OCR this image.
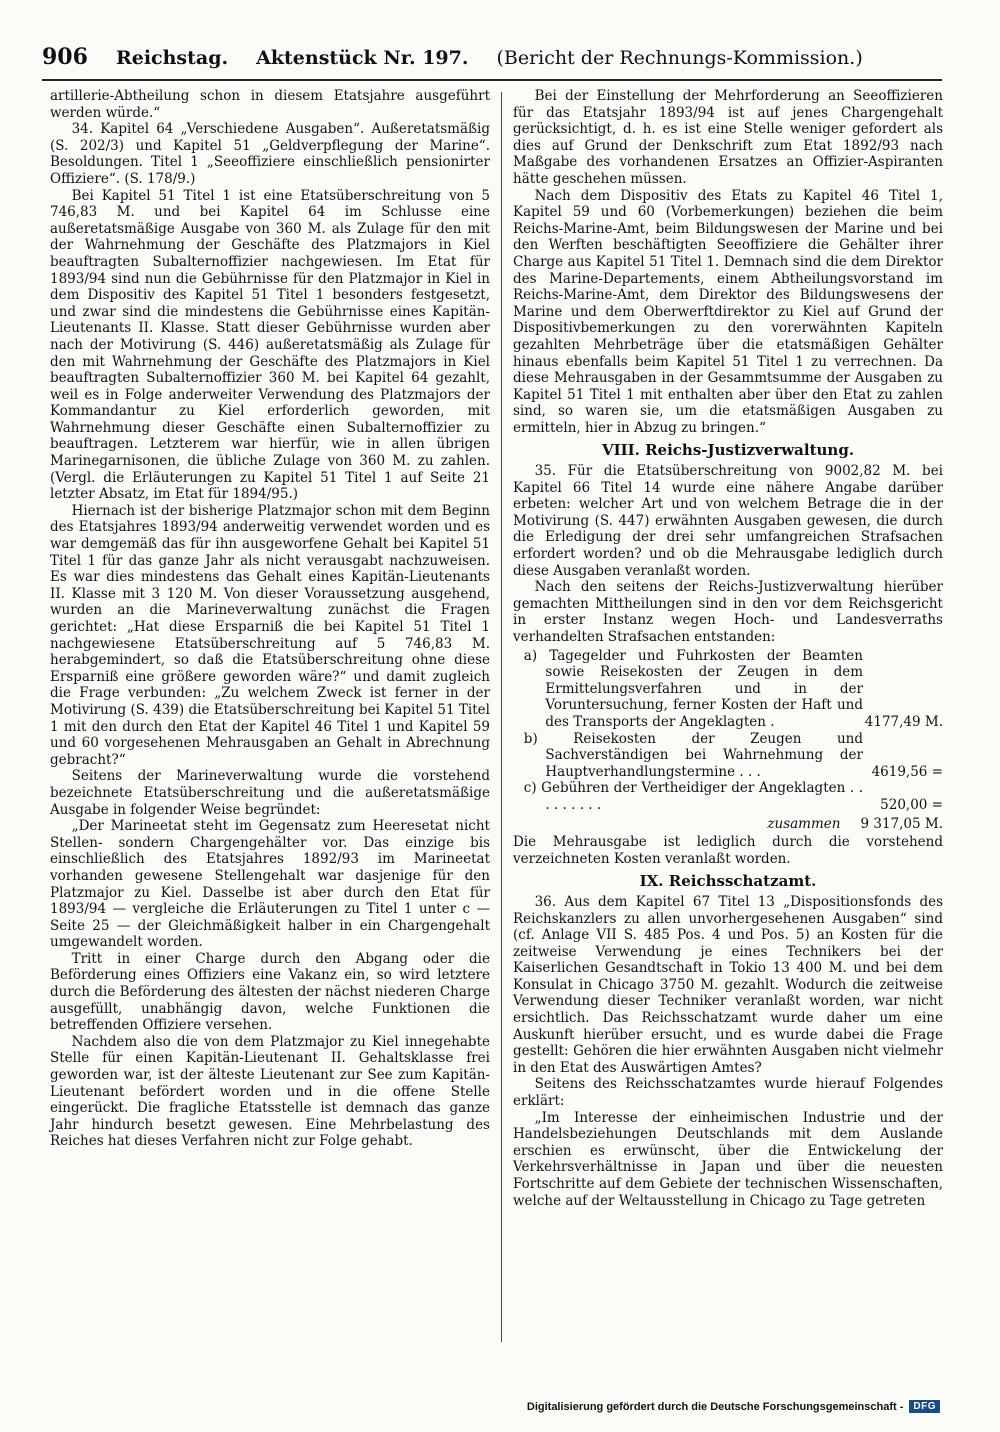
906 Reichstag. Aktenstück Nr. 197. (Bericht der Rechnungs-Kommission.)

artillerie-Abtheilung schon in diesem Etatsjahre ausgeführt werden würde.“

34. Kapitel 64 „Verschiedene Ausgaben“. Außeretatsmäßig (S. 202/3) und Kapitel 51 „Geldverpflegung der Marine“. Besoldungen. Titel 1 „Seeoffiziere einschließlich pensionirter Offiziere“. (S. 178/9.)

Bei Kapitel 51 Titel 1 ist eine Etatsüberschreitung von 5 746,83 M. und bei Kapitel 64 im Schlusse eine außeretatsmäßige Ausgabe von 360 M. als Zulage für den mit der Wahrnehmung der Geschäfte des Platzmajors in Kiel beauftragten Subalternoffizier nachgewiesen. Im Etat für 1893/94 sind nun die Gebührnisse für den Platzmajor in Kiel in dem Dispositiv des Kapitel 51 Titel 1 besonders festgesetzt, und zwar sind die mindestens die Gebührnisse eines Kapitän-Lieutenants II. Klasse. Statt dieser Gebührnisse wurden aber nach der Motivirung (S. 446) außeretatsmäßig als Zulage für den mit Wahrnehmung der Geschäfte des Platzmajors in Kiel beauftragten Subalternoffizier 360 M. bei Kapitel 64 gezahlt, weil es in Folge anderweiter Verwendung des Platzmajors der Kommandantur zu Kiel erforderlich geworden, mit Wahrnehmung dieser Geschäfte einen Subalternoffizier zu beauftragen. Letzterem war hierfür, wie in allen übrigen Marinegarnisonen, die übliche Zulage von 360 M. zu zahlen. (Vergl. die Erläuterungen zu Kapitel 51 Titel 1 auf Seite 21 letzter Absatz, im Etat für 1894/95.)

Hiernach ist der bisherige Platzmajor schon mit dem Beginn des Etatsjahres 1893/94 anderweitig verwendet worden und es war demgemäß das für ihn ausgeworfene Gehalt bei Kapitel 51 Titel 1 für das ganze Jahr als nicht verausgabt nachzuweisen. Es war dies mindestens das Gehalt eines Kapitän-Lieutenants II. Klasse mit 3 120 M. Von dieser Voraussetzung ausgehend, wurden an die Marineverwaltung zunächst die Fragen gerichtet: „Hat diese Ersparniß die bei Kapitel 51 Titel 1 nachgewiesene Etatsüberschreitung auf 5 746,83 M. herabgemindert, so daß die Etatsüberschreitung ohne diese Ersparniß eine größere geworden wäre?“ und damit zugleich die Frage verbunden: „Zu welchem Zweck ist ferner in der Motivirung (S. 439) die Etatsüberschreitung bei Kapitel 51 Titel 1 mit den durch den Etat der Kapitel 46 Titel 1 und Kapitel 59 und 60 vorgesehenen Mehrausgaben an Gehalt in Abrechnung gebracht?“

Seitens der Marineverwaltung wurde die vorstehend bezeichnete Etatsüberschreitung und die außeretatsmäßige Ausgabe in folgender Weise begründet:

„Der Marineetat steht im Gegensatz zum Heeresetat nicht Stellen- sondern Chargengehälter vor. Das einzige bis einschließlich des Etatsjahres 1892/93 im Marineetat vorhanden gewesene Stellengehalt war dasjenige für den Platzmajor zu Kiel. Dasselbe ist aber durch den Etat für 1893/94 — vergleiche die Erläuterungen zu Titel 1 unter c — Seite 25 — der Gleichmäßigkeit halber in ein Chargengehalt umgewandelt worden.

Tritt in einer Charge durch den Abgang oder die Beförderung eines Offiziers eine Vakanz ein, so wird letztere durch die Beförderung des ältesten der nächst niederen Charge ausgefüllt, unabhängig davon, welche Funktionen die betreffenden Offiziere versehen.

Nachdem also die von dem Platzmajor zu Kiel innegehabte Stelle für einen Kapitän-Lieutenant II. Gehaltsklasse frei geworden war, ist der älteste Lieutenant zur See zum Kapitän-Lieutenant befördert worden und in die offene Stelle eingerückt. Die fragliche Etatsstelle ist demnach das ganze Jahr hindurch besetzt gewesen. Eine Mehrbelastung des Reiches hat dieses Verfahren nicht zur Folge gehabt.

Bei der Einstellung der Mehrforderung an Seeoffizieren für das Etatsjahr 1893/94 ist auf jenes Chargengehalt gerücksichtigt, d. h. es ist eine Stelle weniger gefordert als dies auf Grund der Denkschrift zum Etat 1892/93 nach Maßgabe des vorhandenen Ersatzes an Offizier-Aspiranten hätte geschehen müssen.

Nach dem Dispositiv des Etats zu Kapitel 46 Titel 1, Kapitel 59 und 60 (Vorbemerkungen) beziehen die beim Reichs-Marine-Amt, beim Bildungswesen der Marine und bei den Werften beschäftigten Seeoffiziere die Gehälter ihrer Charge aus Kapitel 51 Titel 1. Demnach sind die dem Direktor des Marine-Departements, einem Abtheilungsvorstand im Reichs-Marine-Amt, dem Direktor des Bildungswesens der Marine und dem Oberwerftdirektor zu Kiel auf Grund der Dispositivbemerkungen zu den vorerwähnten Kapiteln gezahlten Mehrbeträge über die etatsmäßigen Gehälter hinaus ebenfalls beim Kapitel 51 Titel 1 zu verrechnen. Da diese Mehrausgaben in der Gesammtsumme der Ausgaben zu Kapitel 51 Titel 1 mit enthalten aber über den Etat zu zahlen sind, so waren sie, um die etatsmäßigen Ausgaben zu ermitteln, hier in Abzug zu bringen.“

VIII. Reichs-Justizverwaltung.

35. Für die Etatsüberschreitung von 9002,82 M. bei Kapitel 66 Titel 14 wurde eine nähere Angabe darüber erbeten: welcher Art und von welchem Betrage die in der Motivirung (S. 447) erwähnten Ausgaben gewesen, die durch die Erledigung der drei sehr umfangreichen Strafsachen erfordert worden? und ob die Mehrausgabe lediglich durch diese Ausgaben veranlaßt worden.

Nach den seitens der Reichs-Justizverwaltung hierüber gemachten Mittheilungen sind in den vor dem Reichsgericht in erster Instanz wegen Hoch- und Landesverraths verhandelten Strafsachen entstanden:

a) Tagegelder und Fuhrkosten der Beamten sowie Reisekosten der Zeugen in dem Ermittelungsverfahren und in der Voruntersuchung, ferner Kosten der Haft und des Transports der Angeklagten .	4177,49 M.
b) Reisekosten der Zeugen und Sachverständigen bei Wahrnehmung der Hauptverhandlungstermine . . .	4619,56 =
c) Gebühren der Vertheidiger der Angeklagten . . . . . . . . .	520,00 =
zusammen 9 317,05 M.

Die Mehrausgabe ist lediglich durch die vorstehend verzeichneten Kosten veranlaßt worden.

IX. Reichsschatzamt.

36. Aus dem Kapitel 67 Titel 13 „Dispositionsfonds des Reichskanzlers zu allen unvorhergesehenen Ausgaben“ sind (cf. Anlage VII S. 485 Pos. 4 und Pos. 5) an Kosten für die zeitweise Verwendung je eines Technikers bei der Kaiserlichen Gesandtschaft in Tokio 13 400 M. und bei dem Konsulat in Chicago 3750 M. gezahlt. Wodurch die zeitweise Verwendung dieser Techniker veranlaßt worden, war nicht ersichtlich. Das Reichsschatzamt wurde daher um eine Auskunft hierüber ersucht, und es wurde dabei die Frage gestellt: Gehören die hier erwähnten Ausgaben nicht vielmehr in den Etat des Auswärtigen Amtes?

Seitens des Reichsschatzamtes wurde hierauf Folgendes erklärt:

„Im Interesse der einheimischen Industrie und der Handelsbeziehungen Deutschlands mit dem Auslande erschien es erwünscht, über die Entwickelung der Verkehrsverhältnisse in Japan und über die neuesten Fortschritte auf dem Gebiete der technischen Wissenschaften, welche auf der Weltausstellung in Chicago zu Tage getreten

Digitalisierung gefördert durch die Deutsche Forschungsgemeinschaft -	DFG
